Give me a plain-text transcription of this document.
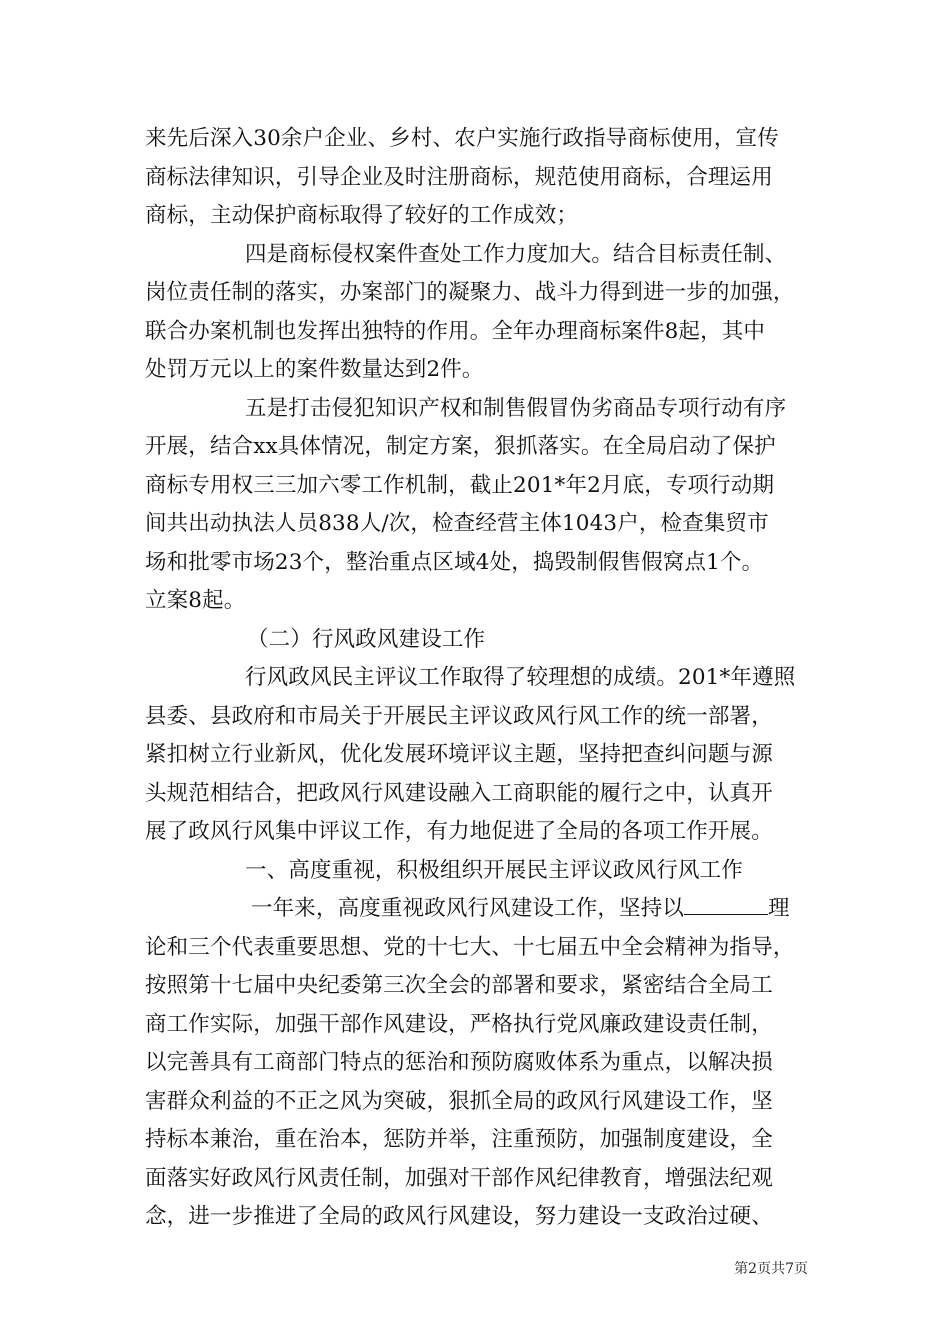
来先后深入30余户企业、乡村、农户实施行政指导商标使用，宣传
商标法律知识，引导企业及时注册商标，规范使用商标，合理运用
商标，主动保护商标取得了较好的工作成效；
四是商标侵权案件查处工作力度加大。结合目标责任制、
岗位责任制的落实，办案部门的凝聚力、战斗力得到进一步的加强，
联合办案机制也发挥出独特的作用。全年办理商标案件8起，其中
处罚万元以上的案件数量达到2件。
五是打击侵犯知识产权和制售假冒伪劣商品专项行动有序
开展，结合xx具体情况，制定方案，狠抓落实。在全局启动了保护
商标专用权三三加六零工作机制，截止201*年2月底，专项行动期
间共出动执法人员838人/次，检查经营主体1043户，检查集贸市
场和批零市场23个，整治重点区域4处，捣毁制假售假窝点1个。
立案8起。
（二）行风政风建设工作
行风政风民主评议工作取得了较理想的成绩。201*年遵照
县委、县政府和市局关于开展民主评议政风行风工作的统一部署，
紧扣树立行业新风，优化发展环境评议主题，坚持把查纠问题与源
头规范相结合，把政风行风建设融入工商职能的履行之中，认真开
展了政风行风集中评议工作，有力地促进了全局的各项工作开展。
一、高度重视，积极组织开展民主评议政风行风工作
一年来，高度重视政风行风建设工作，坚持以	理
论和三个代表重要思想、党的十七大、十七届五中全会精神为指导，
按照第十七届中央纪委第三次全会的部署和要求，紧密结合全局工
商工作实际，加强干部作风建设，严格执行党风廉政建设责任制，
以完善具有工商部门特点的惩治和预防腐败体系为重点，以解决损
害群众利益的不正之风为突破，狠抓全局的政风行风建设工作，坚
持标本兼治，重在治本，惩防并举，注重预防，加强制度建设，全
面落实好政风行风责任制，加强对干部作风纪律教育，增强法纪观
念，进一步推进了全局的政风行风建设，努力建设一支政治过硬、
第2页共7页
